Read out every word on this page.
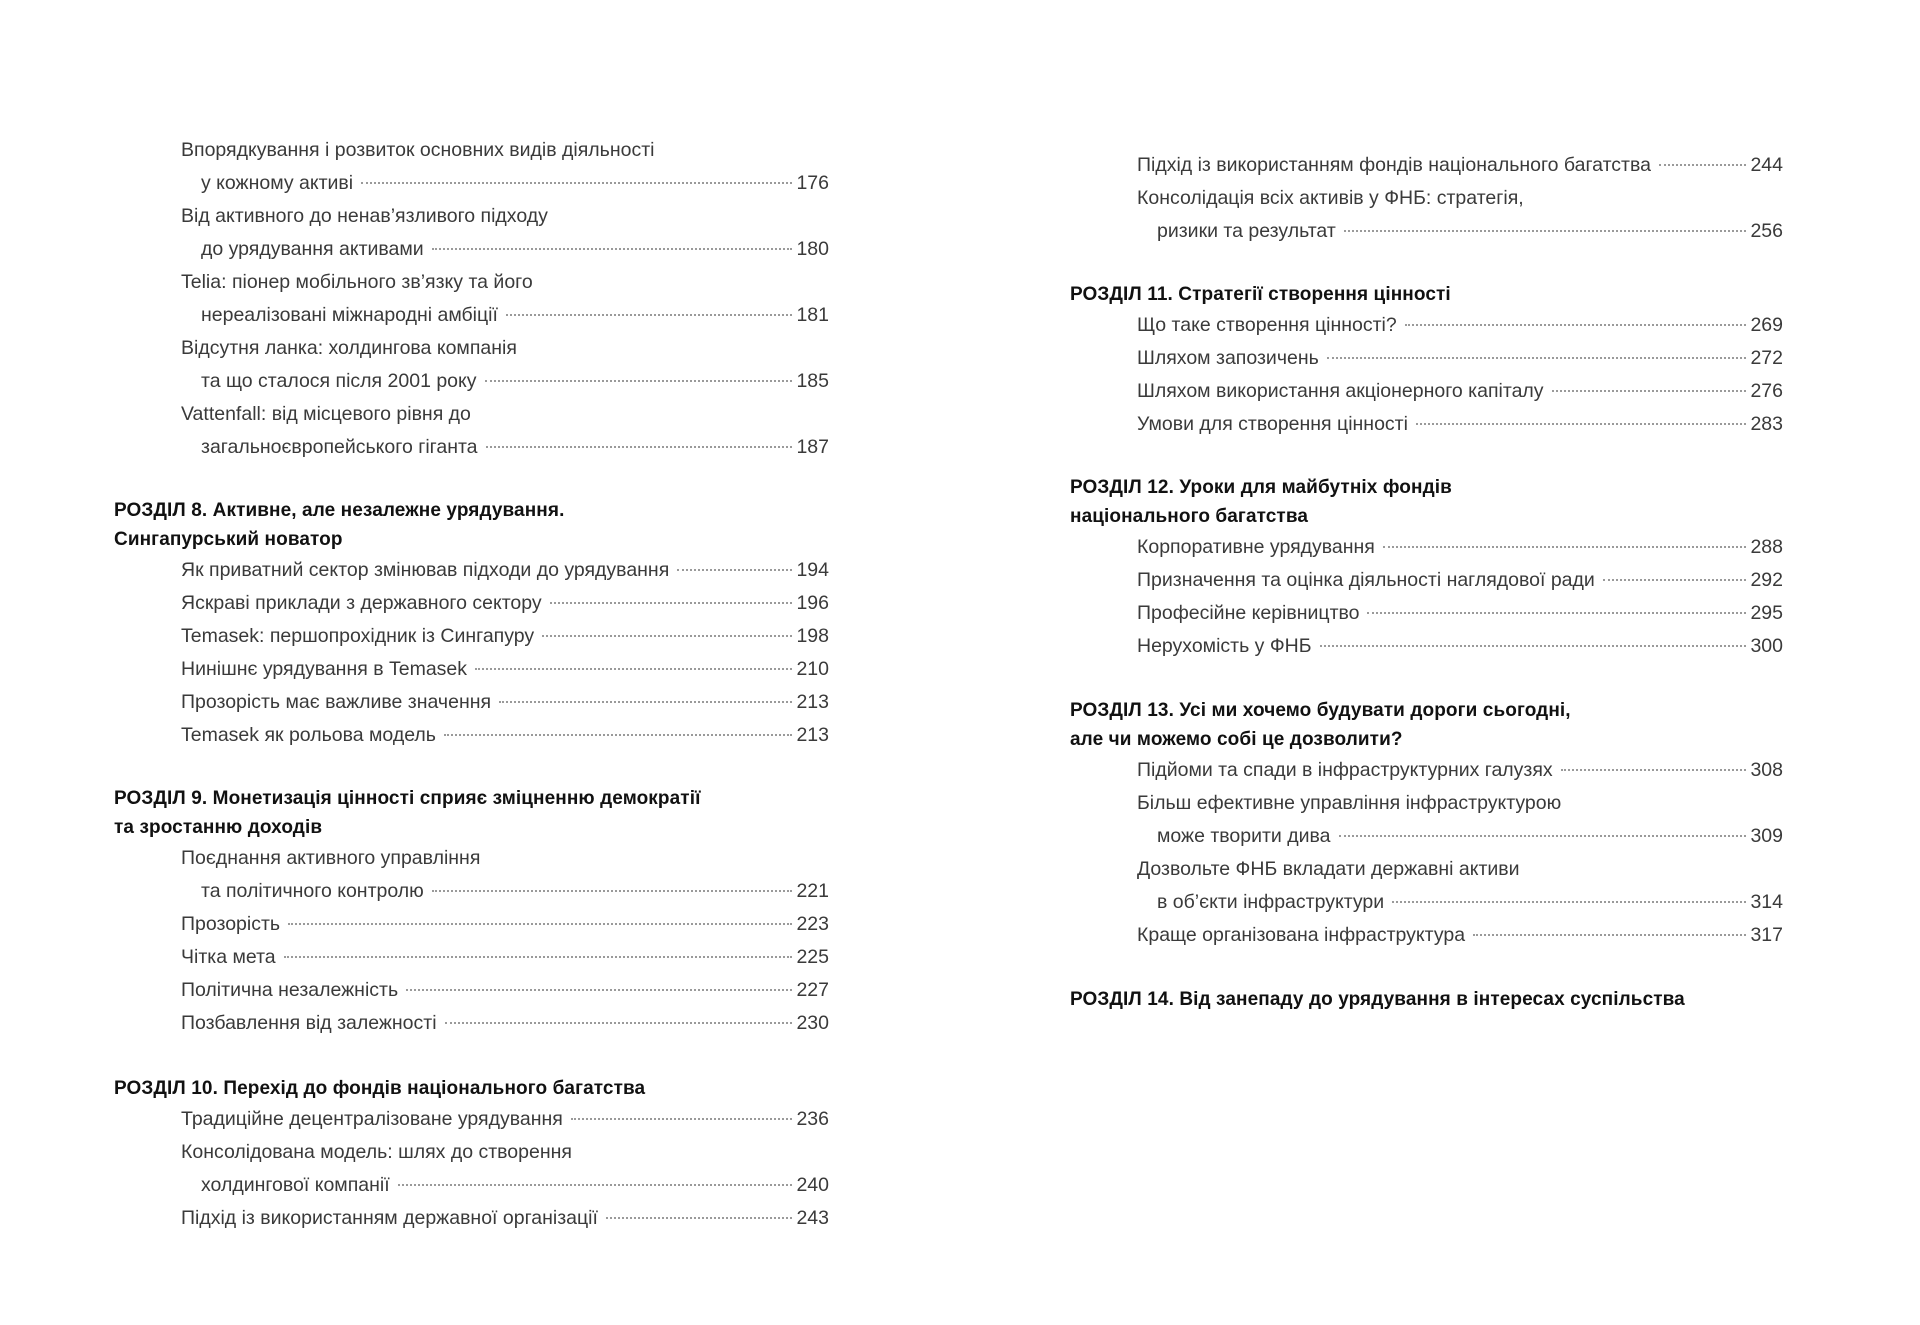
Впорядкування і розвиток основних видів діяльності
у кожному активі	176
Від активного до ненав’язливого підходу
до урядування активами	180
Telia: піонер мобільного зв’язку та його
нереалізовані міжнародні амбіції	181
Відсутня ланка: холдингова компанія
та що сталося після 2001 року	185
Vattenfall: від місцевого рівня до
загальноєвропейського гіганта	187
РОЗДІЛ 8. Активне, але незалежне урядування.
Сингапурський новатор
Як приватний сектор змінював підходи до урядування	194
Яскраві приклади з державного сектору	196
Temasek: першопрохідник із Сингапуру	198
Нинішнє урядування в Temasek	210
Прозорість має важливе значення	213
Temasek як рольова модель	213
РОЗДІЛ 9. Монетизація цінності сприяє зміцненню демократії
та зростанню доходів
Поєднання активного управління
та політичного контролю	221
Прозорість	223
Чітка мета	225
Політична незалежність	227
Позбавлення від залежності	230
РОЗДІЛ 10. Перехід до фондів національного багатства
Традиційне децентралізоване урядування	236
Консолідована модель: шлях до створення
холдингової компанії	240
Підхід із використанням державної організації	243
Підхід із використанням фондів національного багатства	244
Консолідація всіх активів у ФНБ: стратегія,
ризики та результат	256
РОЗДІЛ 11. Стратегії створення цінності
Що таке створення цінності?	269
Шляхом запозичень	272
Шляхом використання акціонерного капіталу	276
Умови для створення цінності	283
РОЗДІЛ 12. Уроки для майбутніх фондів
національного багатства
Корпоративне урядування	288
Призначення та оцінка діяльності наглядової ради	292
Професійне керівництво	295
Нерухомість у ФНБ	300
РОЗДІЛ 13. Усі ми хочемо будувати дороги сьогодні,
але чи можемо собі це дозволити?
Підйоми та спади в інфраструктурних галузях	308
Більш ефективне управління інфраструктурою
може творити дива	309
Дозвольте ФНБ вкладати державні активи
в об’єкти інфраструктури	314
Краще організована інфраструктура	317
РОЗДІЛ 14. Від занепаду до урядування в інтересах суспільства
